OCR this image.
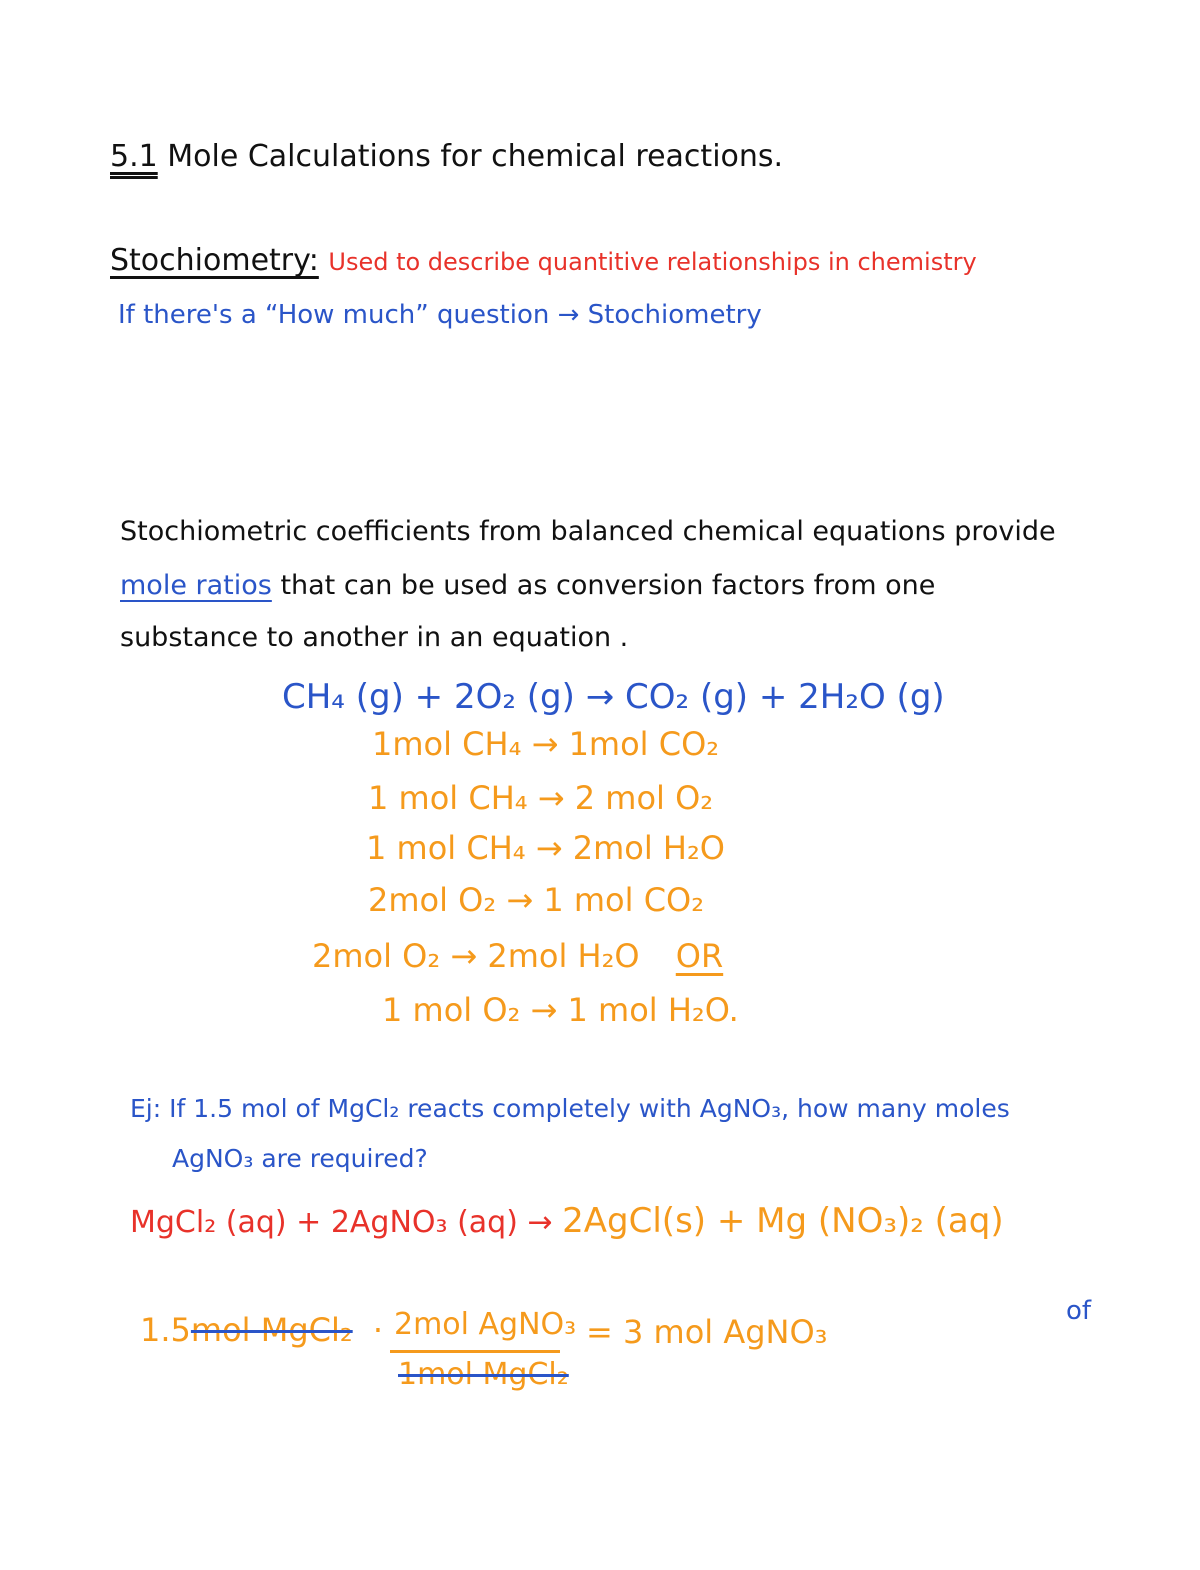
5.1 Mole Calculations for chemical reactions.
Stochiometry: Used to describe quantitive relationships in chemistry
If there's a “How much” question → Stochiometry
Stochiometric coefficients from balanced chemical equations provide
mole ratios that can be used as conversion factors from one
substance to another in an equation .
CH₄ (g) + 2O₂ (g) → CO₂ (g) + 2H₂O (g)
1mol CH₄ → 1mol CO₂
1 mol CH₄ → 2 mol O₂
1 mol CH₄ → 2mol H₂O
2mol O₂ → 1 mol CO₂
2mol O₂ → 2mol H₂O OR
1 mol O₂ → 1 mol H₂O.
Ej: If 1.5 mol of MgCl₂ reacts completely with AgNO₃, how many moles
AgNO₃ are required?
MgCl₂ (aq) + 2AgNO₃ (aq) → 2AgCl(s) + Mg (NO₃)₂ (aq)
1.5mol MgCl₂ · 2mol AgNO₃
1mol MgCl₂
= 3 mol AgNO₃
of
